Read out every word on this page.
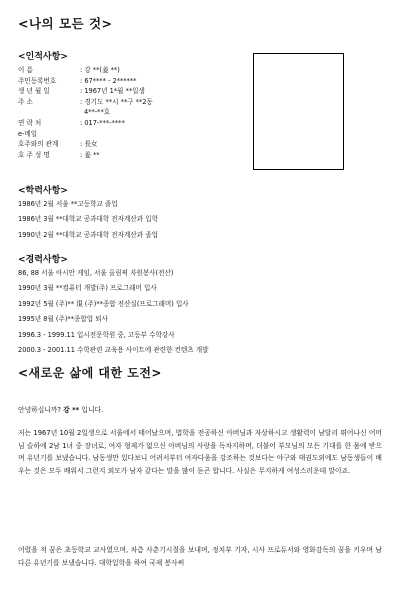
<나의 모든 것>
<인적사항>
이 름	: 강 **(姜 **)
주민등록번호	: 67**** - 2******
생 년 월 일	: 1967년 1*월 **일생
주 소	: 경기도 **시 **구 **2동
4**-**호
연 락 처	: 017-***-****
e-메일
호주와의 관계	: 長女
호 주 성 명	: 姜 **
<학력사항>
1986년 2월 서울 **고등학교 졸업
1986년 3월 **대학교 공과대학 전자계산과 입학
1990년 2월 **대학교 공과대학 전자계산과 졸업
<경력사항>
86, 88 서울 아시안 게임, 서울 올림픽 자원봉사(전산)
1990년 3월 **컴퓨터 개발(주) 프로그래머 입사
1992년 5월 (주)** 現 (주)**종합 전산실(프로그래머) 입사
1995년 8월 (주)**종합업 퇴사
1996.3 - 1999.11 입시전문학원 중, 고등부 수학강사
2000.3 - 2001.11 수학관련 교육용 사이트에 관련한 컨텐츠 개발
<새로운 삶에 대한 도전>
안녕하십니까? 강 ** 입니다.
저는 1967년 10월 2일생으로 서울에서 태어났으며, 법학을 전공하신 아버님과 자상하시고 생활력이 남달리 뛰어나신 어머님 슬하에 2남 1녀 중 장녀로, 여자 형제가 없으신 아버님의 사랑을 독차지하며, 더불어 부모님의 모든 기대를 한 몸에 받으며 유년기를 보냈습니다. 남동생만 있다보니 어려서부터 여자다움을 강조하는 것보다는 야구와 태권도외에도 남동생들이 배우는 것은 모두 배워서 그런지 외모가 남자 같다는 말을 많이 듣곤 합니다. 사실은 무지하게 여성스러운데 말이죠.
어렸을 적 꿈은 초등학교 교사였으며, 차츰 사춘기시절을 보내며, 정치부 기자, 시사 프로듀서와 영화감독의 꿈을 키우며 남다른 유년기를 보냈습니다. 대학입학을 하여 국제 봉사써
